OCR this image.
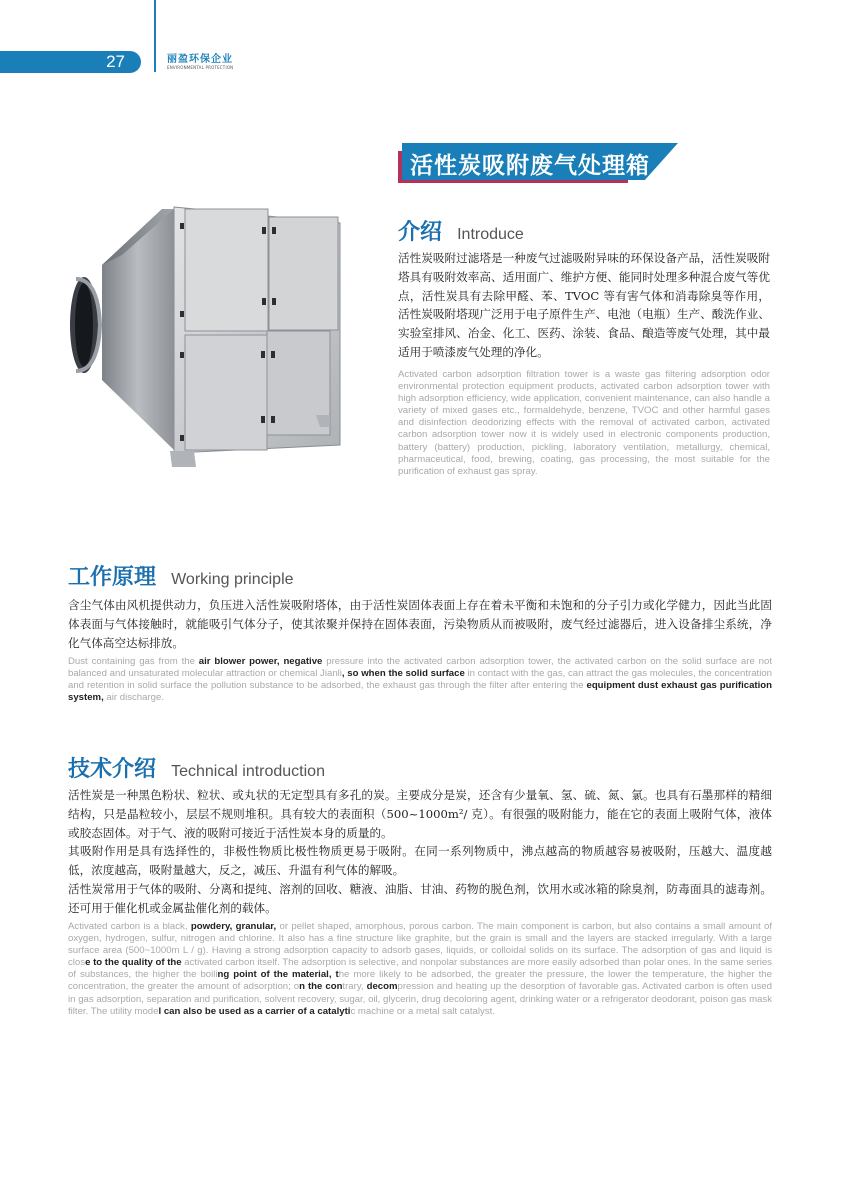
27	丽盈环保企业
ENVIRONMENTAL PROTECTION
活性炭吸附废气处理箱
介绍 Introduce
活性炭吸附过滤塔是一种废气过滤吸附异味的环保设备产品，活性炭吸附塔具有吸附效率高、适用面广、维护方便、能同时处理多种混合废气等优点，活性炭具有去除甲醛、苯、TVOC 等有害气体和消毒除臭等作用，活性炭吸附塔现广泛用于电子原件生产、电池（电瓶）生产、酸洗作业、实验室排风、冶金、化工、医药、涂装、食品、酿造等废气处理，其中最适用于喷漆废气处理的净化。
Activated carbon adsorption filtration tower is a waste gas filtering adsorption odor environmental protection equipment products, activated carbon adsorption tower with high adsorption efficiency, wide application, convenient maintenance, can also handle a variety of mixed gases etc., formaldehyde, benzene, TVOC and other harmful gases and disinfection deodorizing effects with the removal of activated carbon, activated carbon adsorption tower now it is widely used in electronic components production, battery (battery) production, pickling, laboratory ventilation, metallurgy, chemical, pharmaceutical, food, brewing, coating, gas processing, the most suitable for the purification of exhaust gas spray.
工作原理 Working principle
含尘气体由风机提供动力，负压进入活性炭吸附塔体，由于活性炭固体表面上存在着未平衡和未饱和的分子引力或化学健力，因此当此固体表面与气体接触时，就能吸引气体分子，使其浓聚并保持在固体表面，污染物质从而被吸附，废气经过滤器后，进入设备排尘系统，净化气体高空达标排放。
Dust containing gas from the air blower power, negative pressure into the activated carbon adsorption tower, the activated carbon on the solid surface are not balanced and unsaturated molecular attraction or chemical Jianli, so when the solid surface in contact with the gas, can attract the gas molecules, the concentration and retention in solid surface the pollution substance to be adsorbed, the exhaust gas through the filter after entering the equipment dust exhaust gas purification system, air discharge.
技术介绍 Technical introduction
活性炭是一种黑色粉状、粒状、或丸状的无定型具有多孔的炭。主要成分是炭，还含有少量氧、氢、硫、氮、氯。也具有石墨那样的精细结构，只是晶粒较小，层层不规则堆积。具有较大的表面积（500~1000m²/ 克）。有很强的吸附能力，能在它的表面上吸附气体，液体或胶态固体。对于气、液的吸附可接近于活性炭本身的质量的。
其吸附作用是具有选择性的，非极性物质比极性物质更易于吸附。在同一系列物质中，沸点越高的物质越容易被吸附，压越大、温度越低，浓度越高，吸附量越大，反之，减压、升温有利气体的解吸。
活性炭常用于气体的吸附、分离和提纯、溶剂的回收、糖液、油脂、甘油、药物的脱色剂，饮用水或冰箱的除臭剂，防毒面具的滤毒剂。还可用于催化机或金属盐催化剂的载体。
Activated carbon is a black, powdery, granular, or pellet shaped, amorphous, porous carbon. The main component is carbon, but also contains a small amount of oxygen, hydrogen, sulfur, nitrogen and chlorine. It also has a fine structure like graphite, but the grain is small and the layers are stacked irregularly. With a large surface area (500~1000m L / g). Having a strong adsorption capacity to adsorb gases, liquids, or colloidal solids on its surface. The adsorption of gas and liquid is close to the quality of the activated carbon itself. The adsorption is selective, and nonpolar substances are more easily adsorbed than polar ones. In the same series of substances, the higher the boiling point of the material, the more likely to be adsorbed, the greater the pressure, the lower the temperature, the higher the concentration, the greater the amount of adsorption; on the contrary, decompression and heating up the desorption of favorable gas. Activated carbon is often used in gas adsorption, separation and purification, solvent recovery, sugar, oil, glycerin, drug decoloring agent, drinking water or a refrigerator deodorant, poison gas mask filter. The utility model can also be used as a carrier of a catalytic machine or a metal salt catalyst.
